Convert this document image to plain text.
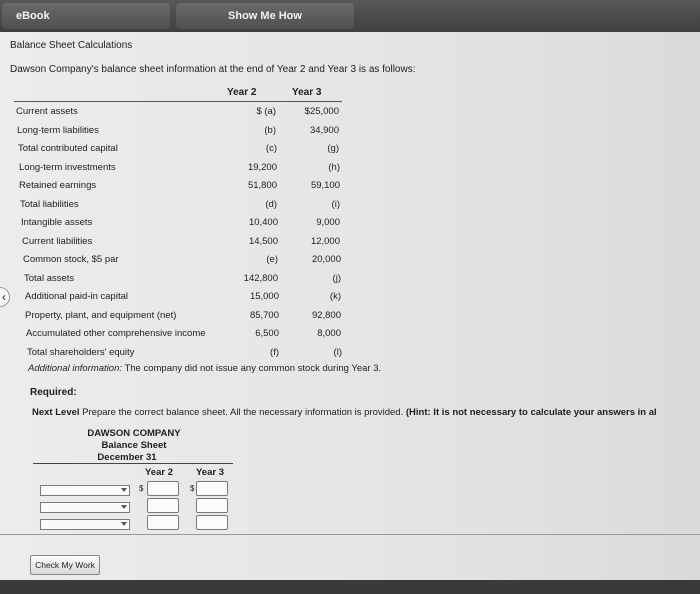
eBook	Show Me How
‹
Balance Sheet Calculations
Dawson Company's balance sheet information at the end of Year 2 and Year 3 is as follows:
Year 2	Year 3
Current assets	$ (a)	$25,000
Long-term liabilities	(b)	34,900
Total contributed capital	(c)	(g)
Long-term investments	19,200	(h)
Retained earnings	51,800	59,100
Total liabilities	(d)	(i)
Intangible assets	10,400	9,000
Current liabilities	14,500	12,000
Common stock, $5 par	(e)	20,000
Total assets	142,800	(j)
Additional paid-in capital	15,000	(k)
Property, plant, and equipment (net)	85,700	92,800
Accumulated other comprehensive income	6,500	8,000
Total shareholders' equity	(f)	(l)
Additional information: The company did not issue any common stock during Year 3.
Required:
Next Level Prepare the correct balance sheet. All the necessary information is provided. (Hint: It is not necessary to calculate your answers in al
DAWSON COMPANY
Balance Sheet
December 31
Year 2 Year 3
$	$
Check My Work
